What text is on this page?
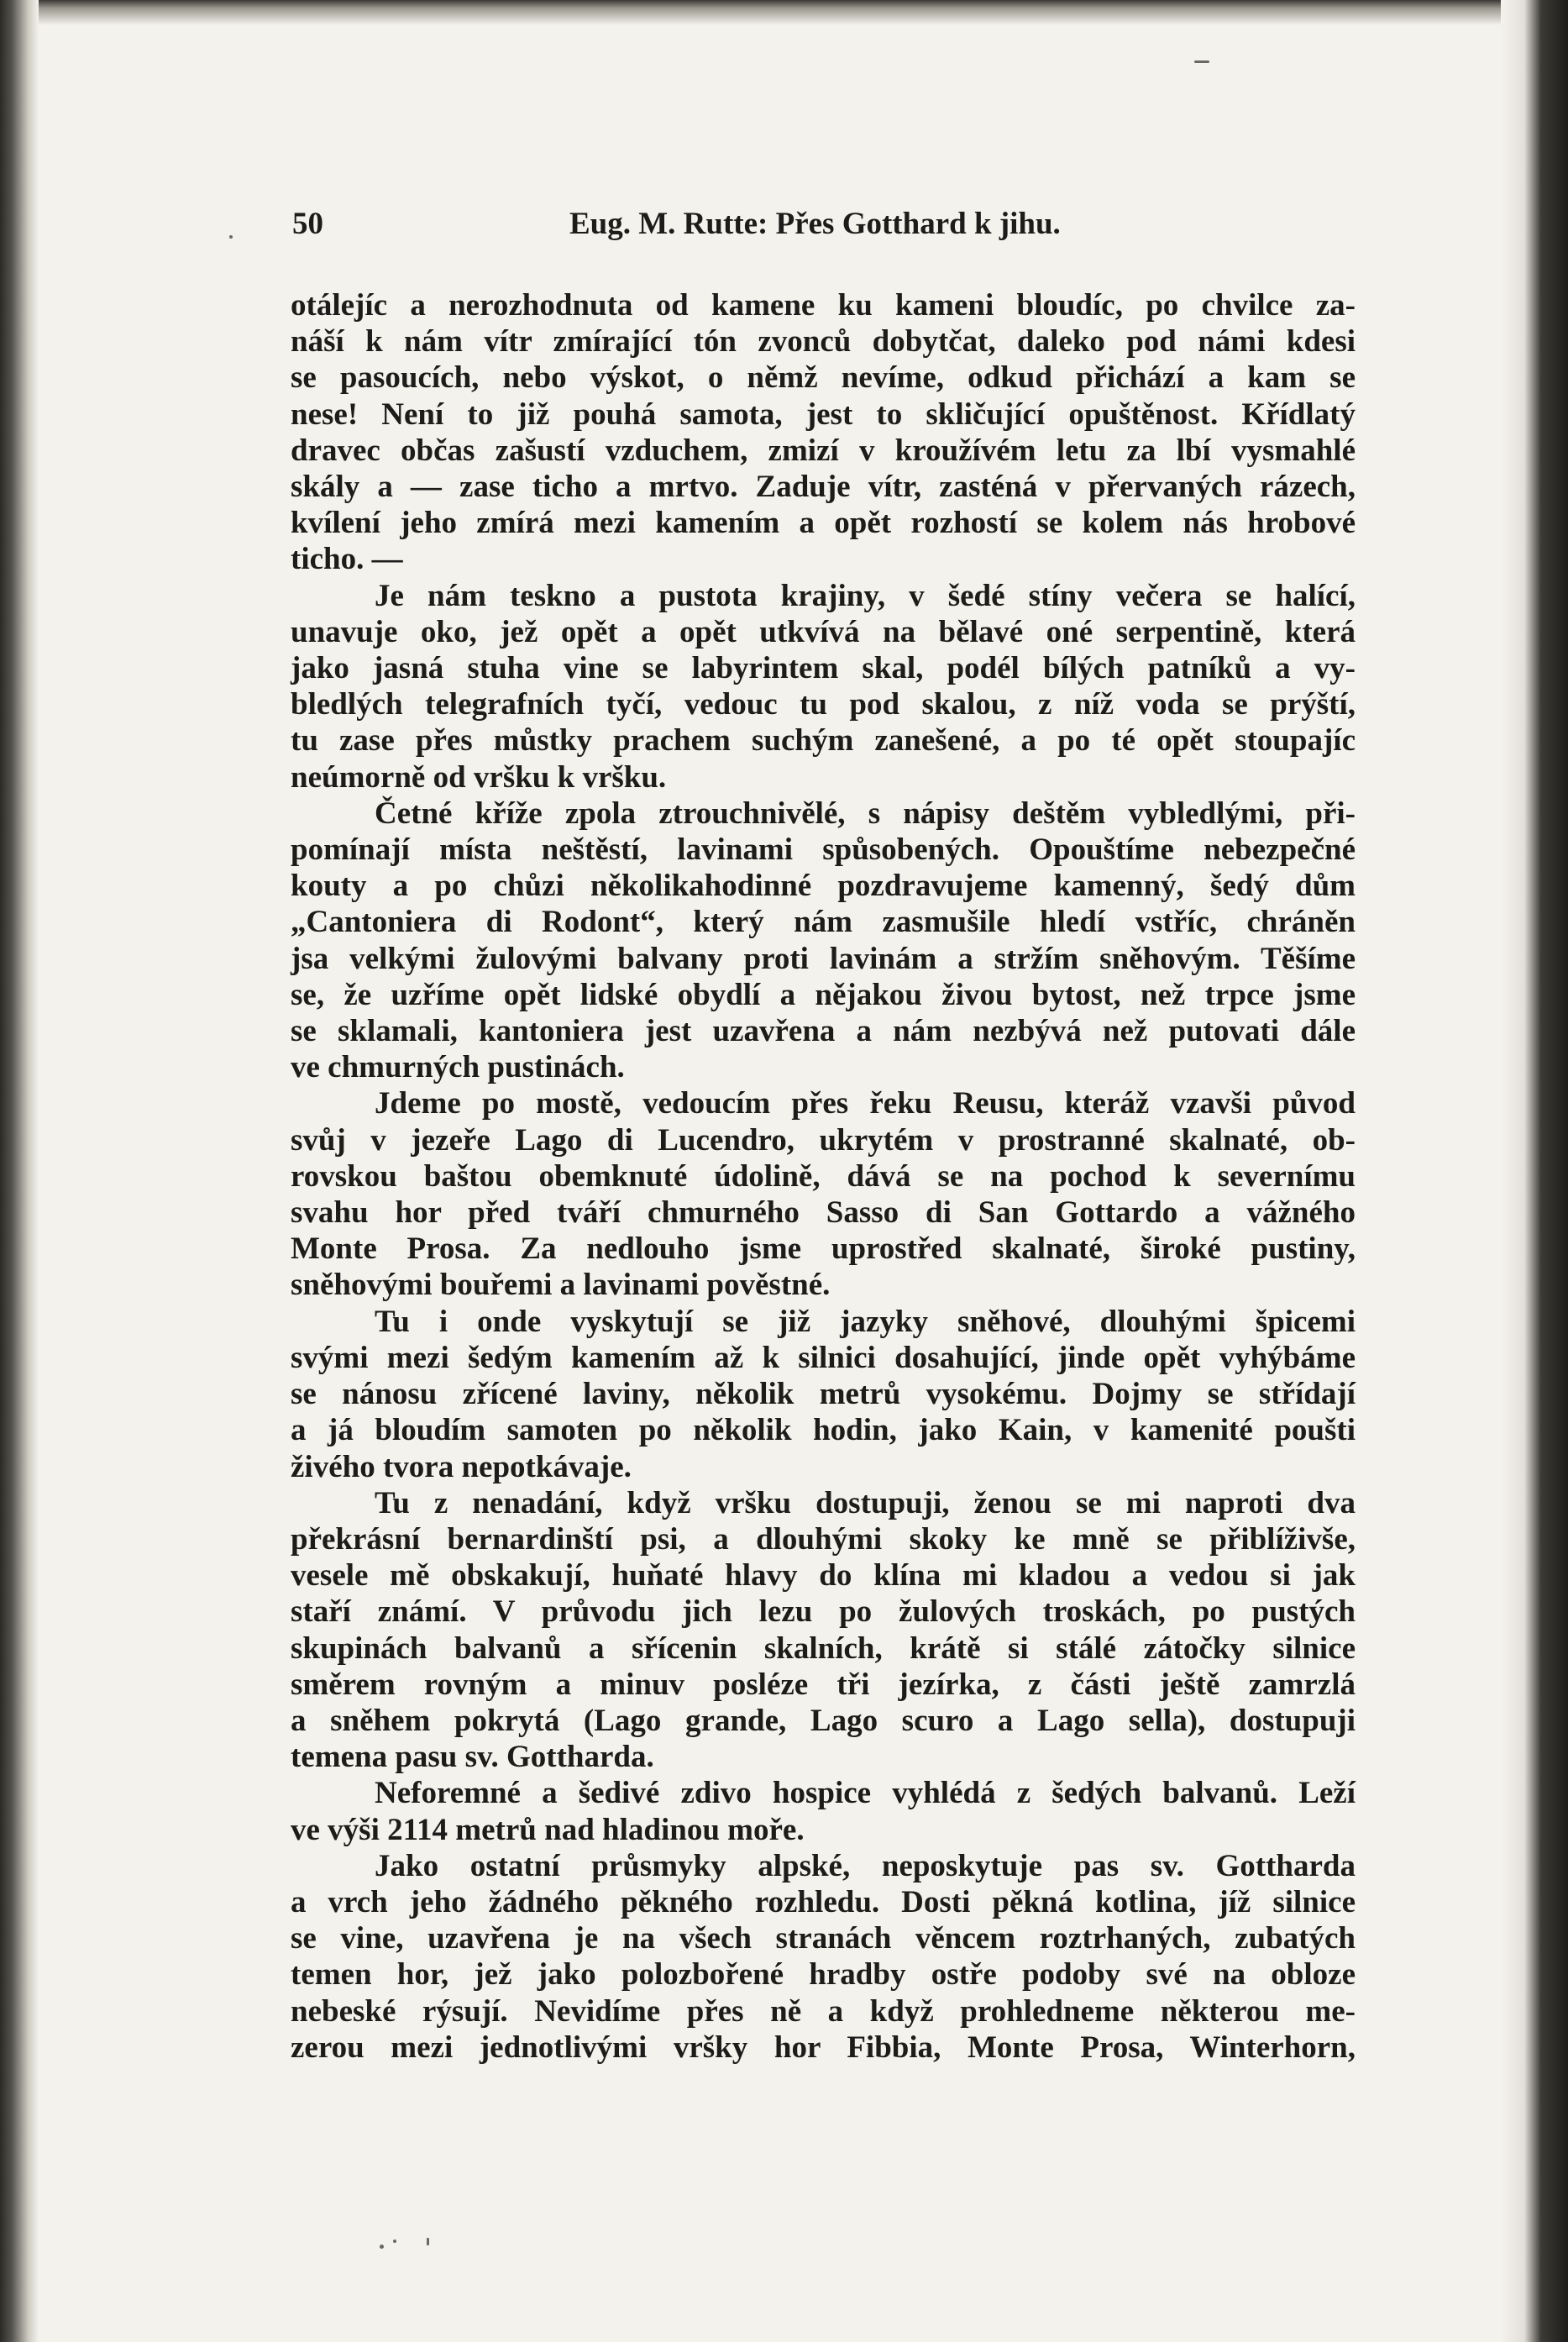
50	Eug. M. Rutte: Přes Gotthard k jihu.
otálejíc a nerozhodnuta od kamene ku kameni bloudíc, po chvilce za-
náší k nám vítr zmírající tón zvonců dobytčat, daleko pod námi kdesi
se pasoucích, nebo výskot, o němž nevíme, odkud přichází a kam se
nese! Není to již pouhá samota, jest to skličující opuštěnost. Křídlatý
dravec občas zašustí vzduchem, zmizí v kroužívém letu za lbí vysmahlé
skály a — zase ticho a mrtvo. Zaduje vítr, zasténá v přervaných rázech,
kvílení jeho zmírá mezi kamením a opět rozhostí se kolem nás hrobové
ticho. —
Je nám teskno a pustota krajiny, v šedé stíny večera se halící,
unavuje oko, jež opět a opět utkvívá na bělavé oné serpentině, která
jako jasná stuha vine se labyrintem skal, podél bílých patníků a vy-
bledlých telegrafních tyčí, vedouc tu pod skalou, z níž voda se prýští,
tu zase přes můstky prachem suchým zanešené, a po té opět stoupajíc
neúmorně od vršku k vršku.
Četné kříže zpola ztrouchnivělé, s nápisy deštěm vybledlými, při-
pomínají místa neštěstí, lavinami spůsobených. Opouštíme nebezpečné
kouty a po chůzi několikahodinné pozdravujeme kamenný, šedý dům
„Cantoniera di Rodont“, který nám zasmušile hledí vstříc, chráněn
jsa velkými žulovými balvany proti lavinám a stržím sněhovým. Těšíme
se, že uzříme opět lidské obydlí a nějakou živou bytost, než trpce jsme
se sklamali, kantoniera jest uzavřena a nám nezbývá než putovati dále
ve chmurných pustinách.
Jdeme po mostě, vedoucím přes řeku Reusu, kteráž vzavši původ
svůj v jezeře Lago di Lucendro, ukrytém v prostranné skalnaté, ob-
rovskou baštou obemknuté údolině, dává se na pochod k severnímu
svahu hor před tváří chmurného Sasso di San Gottardo a vážného
Monte Prosa. Za nedlouho jsme uprostřed skalnaté, široké pustiny,
sněhovými bouřemi a lavinami pověstné.
Tu i onde vyskytují se již jazyky sněhové, dlouhými špicemi
svými mezi šedým kamením až k silnici dosahující, jinde opět vyhýbáme
se nánosu zřícené laviny, několik metrů vysokému. Dojmy se střídají
a já bloudím samoten po několik hodin, jako Kain, v kamenité poušti
živého tvora nepotkávaje.
Tu z nenadání, když vršku dostupuji, ženou se mi naproti dva
překrásní bernardinští psi, a dlouhými skoky ke mně se přiblíživše,
vesele mě obskakují, huňaté hlavy do klína mi kladou a vedou si jak
staří známí. V průvodu jich lezu po žulových troskách, po pustých
skupinách balvanů a sřícenin skalních, krátě si stálé zátočky silnice
směrem rovným a minuv posléze tři jezírka, z části ještě zamrzlá
a sněhem pokrytá (Lago grande, Lago scuro a Lago sella), dostupuji
temena pasu sv. Gottharda.
Neforemné a šedivé zdivo hospice vyhlédá z šedých balvanů. Leží
ve výši 2114 metrů nad hladinou moře.
Jako ostatní průsmyky alpské, neposkytuje pas sv. Gottharda
a vrch jeho žádného pěkného rozhledu. Dosti pěkná kotlina, jíž silnice
se vine, uzavřena je na všech stranách věncem roztrhaných, zubatých
temen hor, jež jako polozbořené hradby ostře podoby své na obloze
nebeské rýsují. Nevidíme přes ně a když prohledneme některou me-
zerou mezi jednotlivými vršky hor Fibbia, Monte Prosa, Winterhorn,
